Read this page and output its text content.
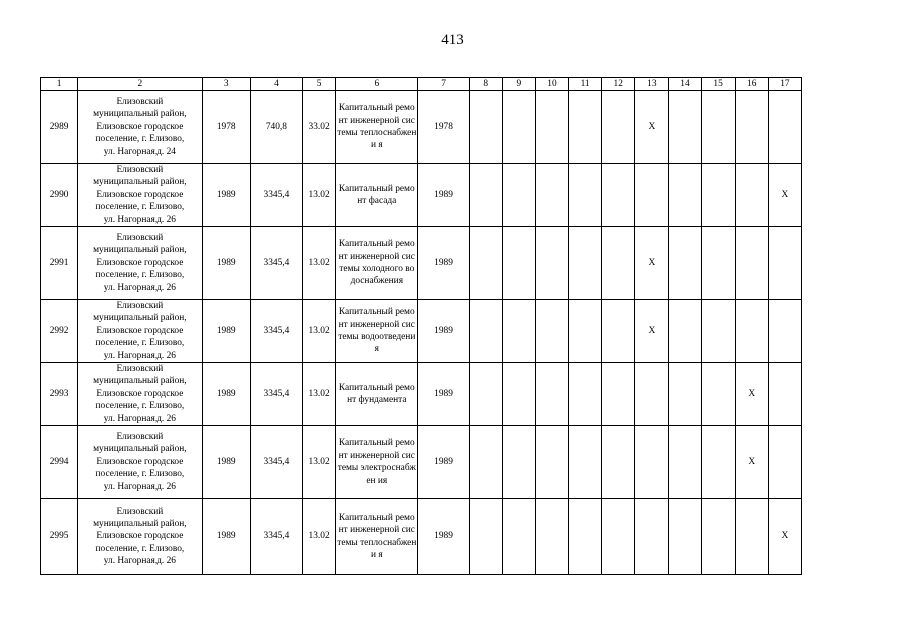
413
1	2	3	4	5	6	7	8	9	10	11	12	13	14	15	16	17
2989	Елизовский
муниципальный район,
Елизовское городское
поселение, г. Елизово,
ул. Нагорная,д. 24	1978	740,8	33.02	Капитальный ремонт инженерной системы теплоснабжени я	1978						Х				
2990	Елизовский
муниципальный район,
Елизовское городское
поселение, г. Елизово,
ул. Нагорная,д. 26	1989	3345,4	13.02	Капитальный ремонт фасада	1989										Х
2991	Елизовский
муниципальный район,
Елизовское городское
поселение, г. Елизово,
ул. Нагорная,д. 26	1989	3345,4	13.02	Капитальный ремонт инженерной системы холодного водоснабжения	1989						Х				
2992	Елизовский
муниципальный район,
Елизовское городское
поселение, г. Елизово,
ул. Нагорная,д. 26	1989	3345,4	13.02	Капитальный ремонт инженерной системы водоотведения	1989						Х				
2993	Елизовский
муниципальный район,
Елизовское городское
поселение, г. Елизово,
ул. Нагорная,д. 26	1989	3345,4	13.02	Капитальный ремонт фундамента	1989									Х	
2994	Елизовский
муниципальный район,
Елизовское городское
поселение, г. Елизово,
ул. Нагорная,д. 26	1989	3345,4	13.02	Капитальный ремонт инженерной системы электроснабжен ия	1989									Х	
2995	Елизовский
муниципальный район,
Елизовское городское
поселение, г. Елизово,
ул. Нагорная,д. 26	1989	3345,4	13.02	Капитальный ремонт инженерной системы теплоснабжени я	1989										Х
